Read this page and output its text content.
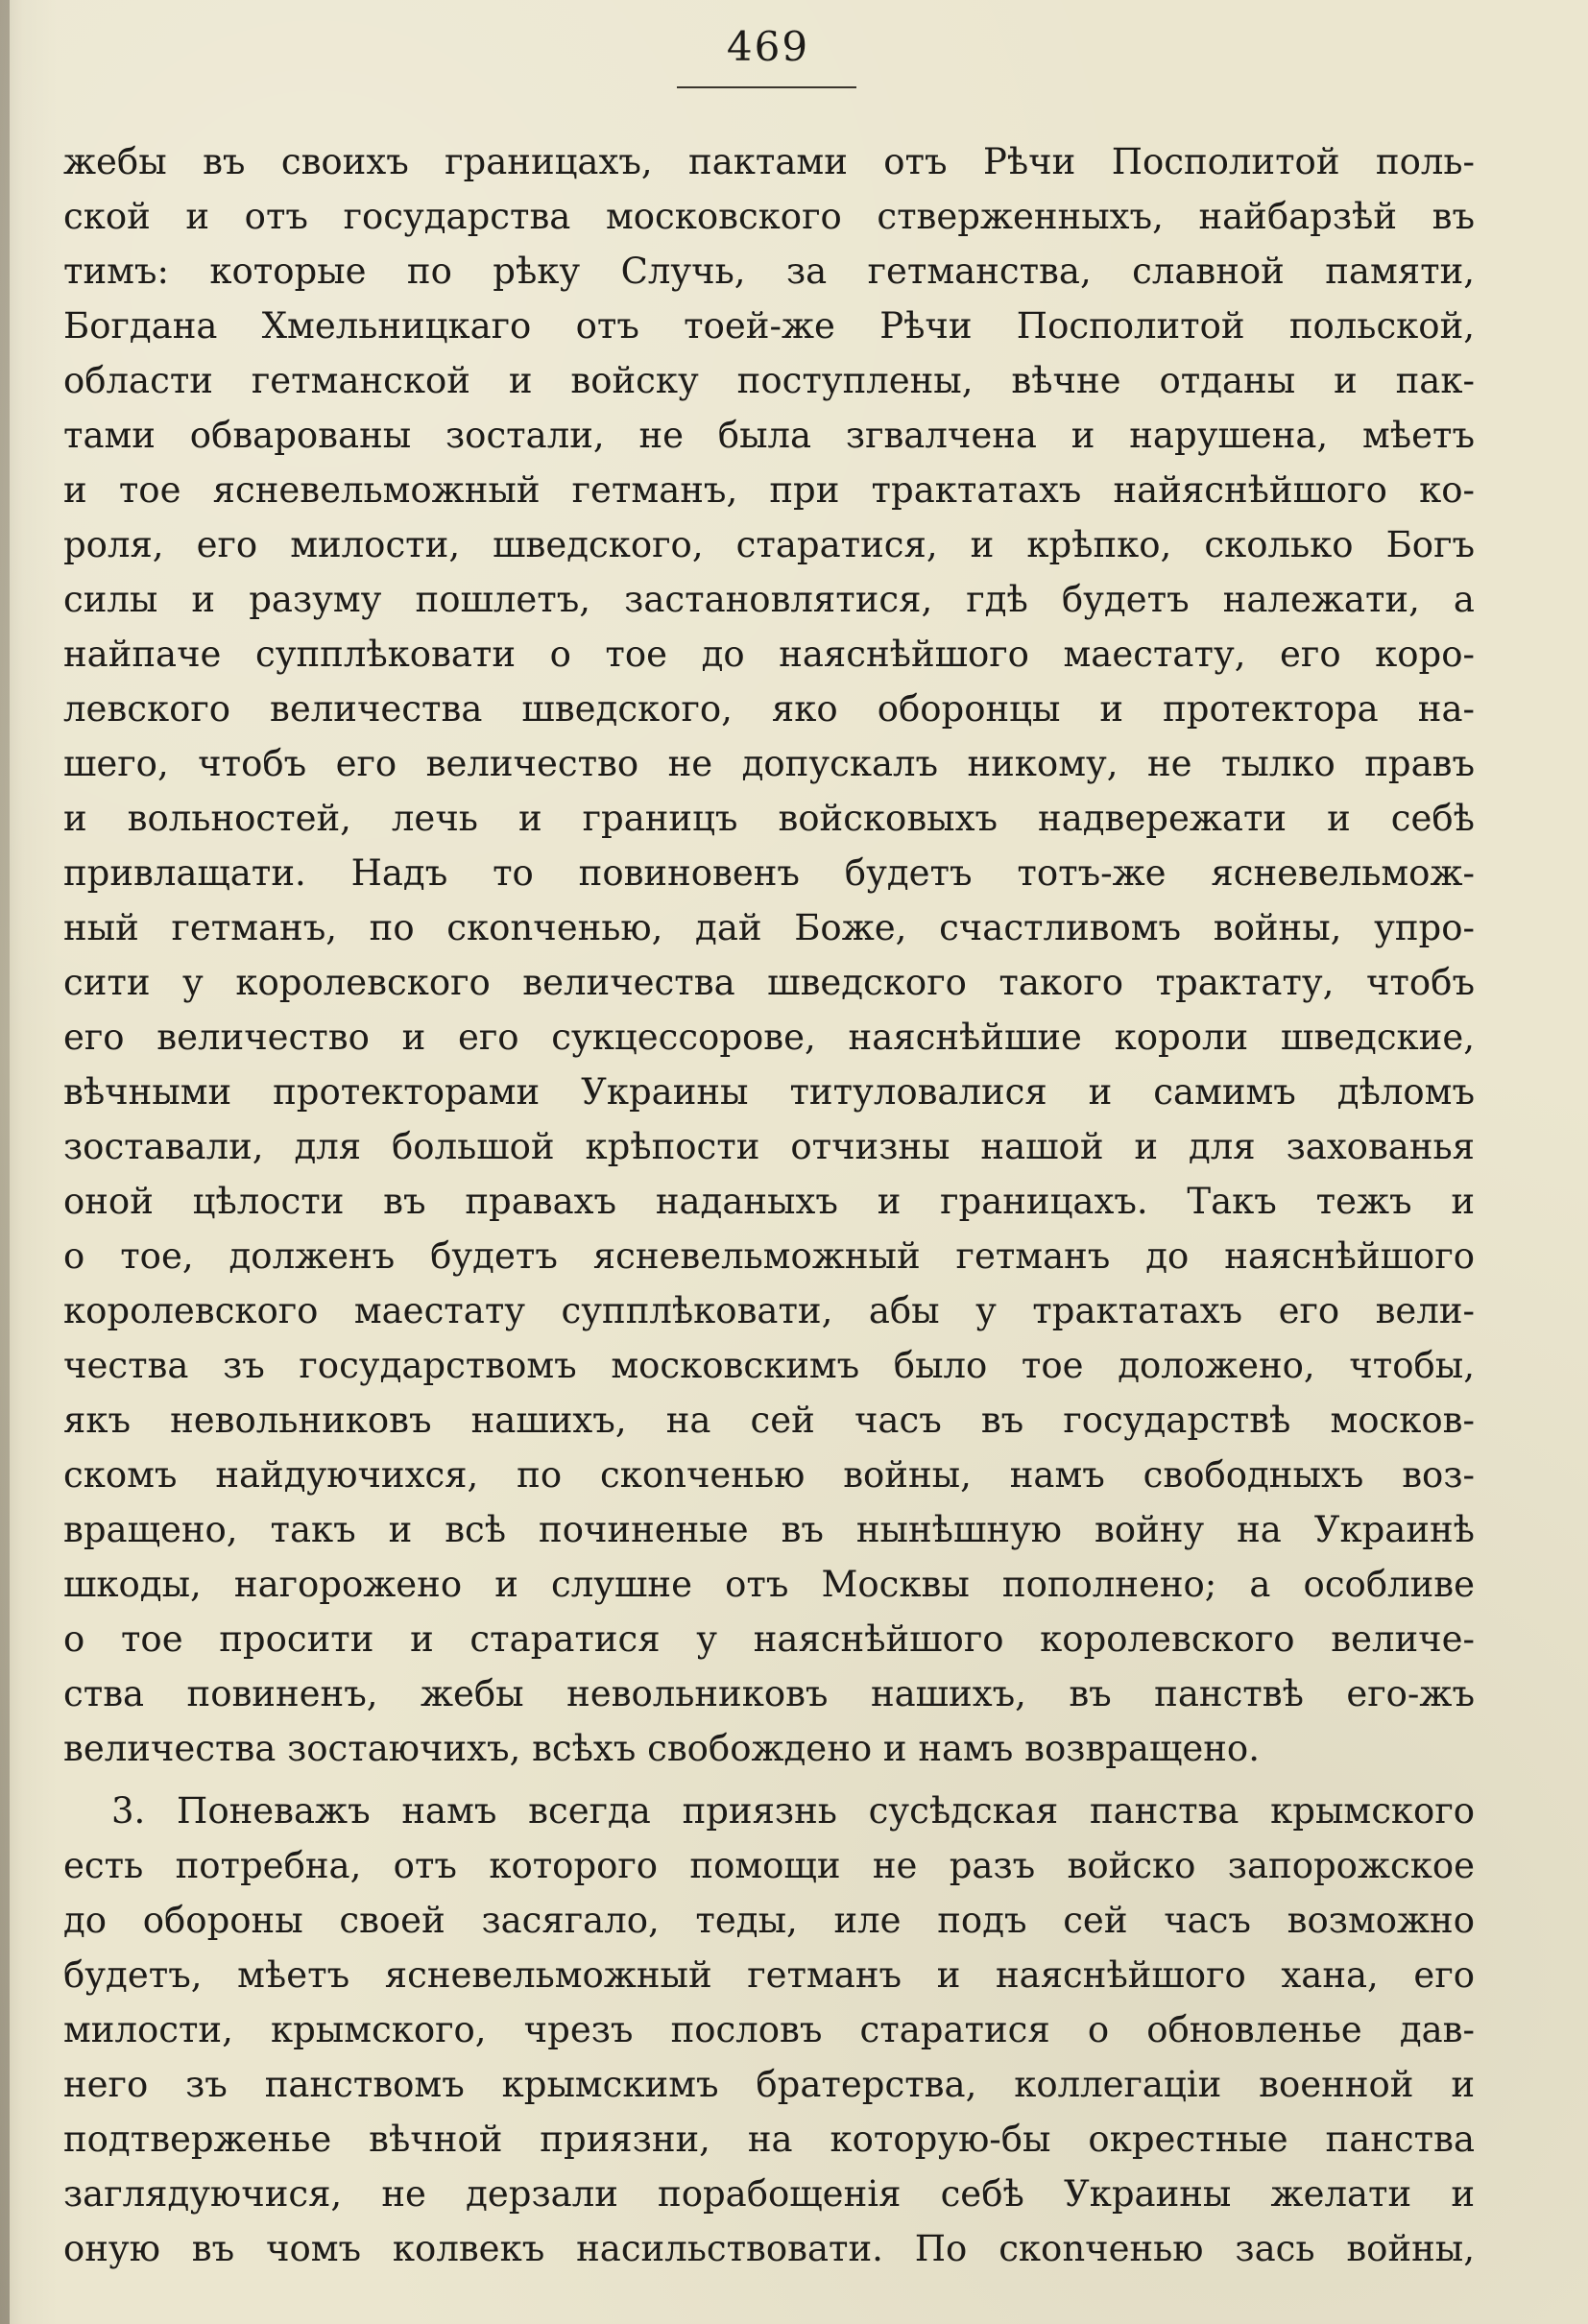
469
жебы въ своихъ границахъ, пактами отъ Рѣчи Посполитой поль-
ской и отъ государства московского стверженныхъ, найбарзѣй въ
тимъ: которые по рѣку Случь, за гетманства, славной памяти,
Богдана Хмельницкаго отъ тоей-же Рѣчи Посполитой польской,
области гетманской и войску поступлены, вѣчне отданы и пак-
тами обварованы зостали, не была згвалчена и нарушена, мѣетъ
и тое ясневельможный гетманъ, при трактатахъ найяснѣйшого ко-
роля, его милости, шведского, старатися, и крѣпко, сколько Богъ
силы и разуму пошлетъ, застановлятися, гдѣ будетъ належати, а
найпаче супплѣковати о тое до наяснѣйшого маестату, его коро-
левского величества шведского, яко оборонцы и протектора на-
шего, чтобъ его величество не допускалъ никому, не тылко правъ
и вольностей, лечь и границъ войсковыхъ надвережати и себѣ
привлащати. Надъ то повиновенъ будетъ тотъ-же ясневельмож-
ный гетманъ, по скonченью, дай Боже, счастливомъ войны, упро-
сити у королевского величества шведского такого трактату, чтобъ
его величество и его сукцессорове, наяснѣйшие короли шведские,
вѣчными протекторами Украины титуловалися и самимъ дѣломъ
зоставали, для большой крѣпости отчизны нашой и для захованья
оной цѣлости въ правахъ наданыхъ и границахъ. Такъ тежъ и
о тое, долженъ будетъ ясневельможный гетманъ до наяснѣйшого
королевского маестату супплѣковати, абы у трактатахъ его вели-
чества зъ государствомъ московскимъ было тое доложено, чтобы,
якъ невольниковъ нашихъ, на сей часъ въ государствѣ москов-
скомъ найдуючихся, по скonченью войны, намъ свободныхъ воз-
вращено, такъ и всѣ починеные въ нынѣшную войну на Украинѣ
шкоды, нагорожено и слушне отъ Москвы пополнено; а особливе
о тое просити и старатися у наяснѣйшого королевского величе-
ства повиненъ, жебы невольниковъ нашихъ, въ панствѣ его-жъ
величества зостаючихъ, всѣхъ свобождено и намъ возвращено.
3. Поневажъ намъ всегда приязнь сусѣдская панства крымского
есть потребна, отъ которого помощи не разъ войско запорожское
до обороны своей засягало, теды, иле подъ сей часъ возможно
будетъ, мѣетъ ясневельможный гетманъ и наяснѣйшого хана, его
милости, крымского, чрезъ пословъ старатися о обновленье дав-
него зъ панствомъ крымскимъ братерства, коллегацiи военной и
подтверженье вѣчной приязни, на которую-бы окрестные панства
заглядуючися, не дерзали порабощенiя себѣ Украины желати и
оную въ чомъ колвекъ насильствовати. По скonченью зась войны,
